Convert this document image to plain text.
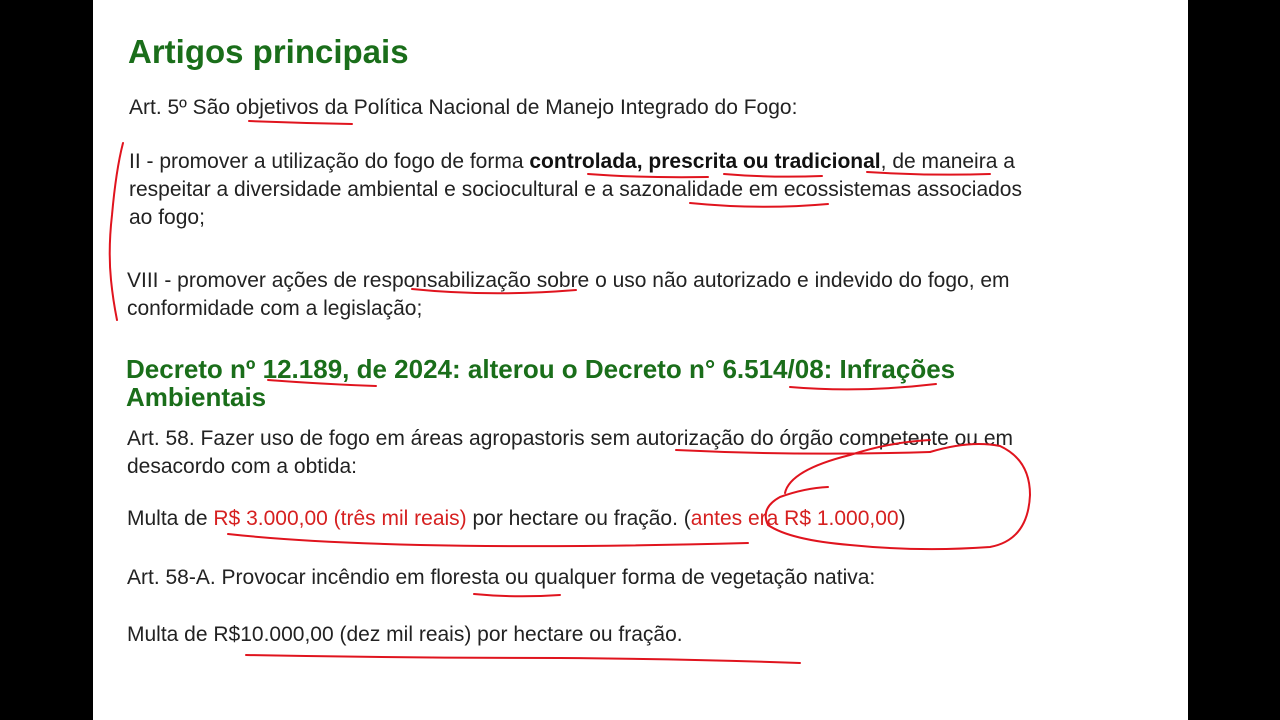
Artigos principais

Art. 5º São objetivos da Política Nacional de Manejo Integrado do Fogo:

II - promover a utilização do fogo de forma controlada, prescrita ou tradicional, de maneira a

respeitar a diversidade ambiental e sociocultural e a sazonalidade em ecossistemas associados

ao fogo;

VIII - promover ações de responsabilização sobre o uso não autorizado e indevido do fogo, em

conformidade com a legislação;

Decreto nº 12.189, de 2024: alterou o Decreto n° 6.514/08: Infrações

Ambientais

Art. 58. Fazer uso de fogo em áreas agropastoris sem autorização do órgão competente ou em

desacordo com a obtida:

Multa de R$ 3.000,00 (três mil reais) por hectare ou fração. (antes era R$ 1.000,00)

Art. 58-A. Provocar incêndio em floresta ou qualquer forma de vegetação nativa:

Multa de R$10.000,00 (dez mil reais) por hectare ou fração.
